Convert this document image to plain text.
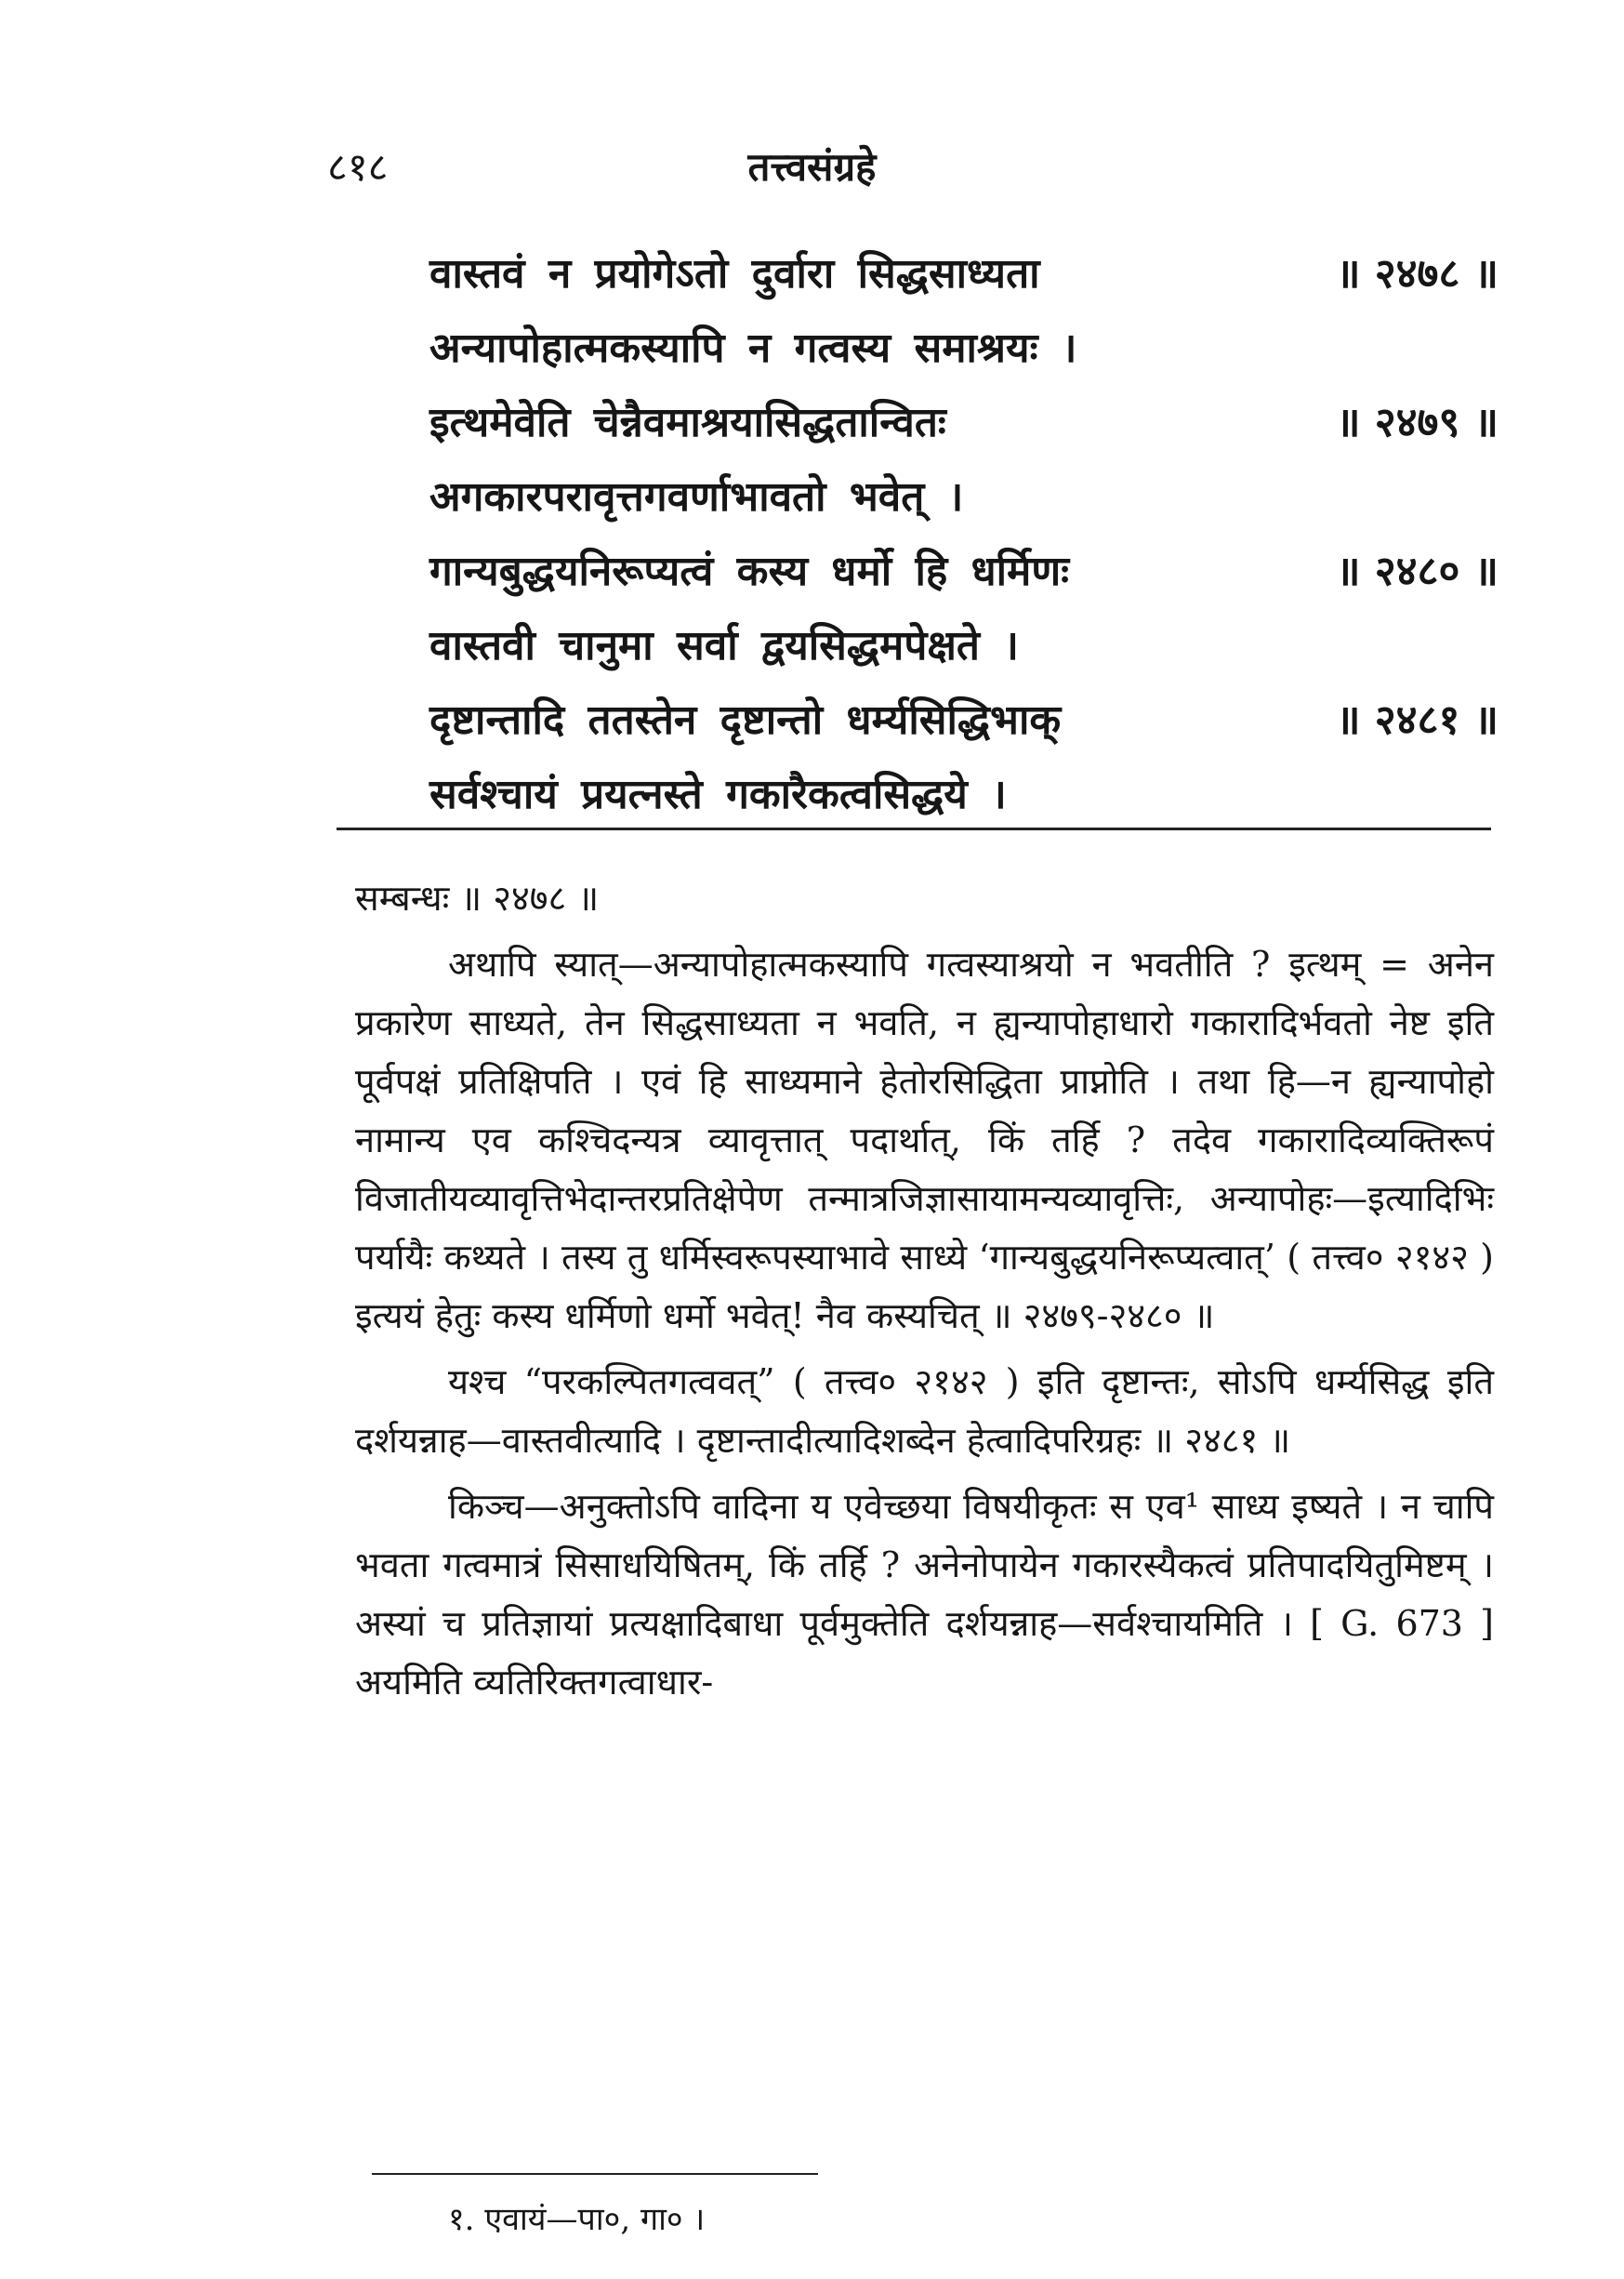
८१८	तत्त्वसंग्रहे
वास्तवं न प्रयोगेऽतो दुर्वारा सिद्धसाध्यता	॥ २४७८ ॥
अन्यापोहात्मकस्यापि न गत्वस्य समाश्रयः ।
इत्थमेवेति चेन्नैवमाश्रयासिद्धतान्वितः	॥ २४७९ ॥
अगकारपरावृत्तगवर्णाभावतो भवेत् ।
गान्यबुद्धयनिरूप्यत्वं कस्य धर्मो हि धर्मिणः	॥ २४८० ॥
वास्तवी चानुमा सर्वा द्वयसिद्धमपेक्षते ।
दृष्टान्तादि ततस्तेन दृष्टान्तो धर्म्यसिद्धिभाक्	॥ २४८१ ॥
सर्वश्चायं प्रयत्नस्ते गकारैकत्वसिद्धये ।

सम्बन्धः ॥ २४७८ ॥

अथापि स्यात्—अन्यापोहात्मकस्यापि गत्वस्याश्रयो न भवतीति ? इत्थम् = अनेन प्रकारेण साध्यते, तेन सिद्धसाध्यता न भवति, न ह्यन्यापोहाधारो गकारादिर्भवतो नेष्ट इति पूर्वपक्षं प्रतिक्षिपति । एवं हि साध्यमाने हेतोरसिद्धिता प्राप्नोति । तथा हि—न ह्यन्यापोहो नामान्य एव कश्चिदन्यत्र व्यावृत्तात् पदार्थात्, किं तर्हि ? तदेव गकारादिव्यक्तिरूपं विजातीयव्यावृत्तिभेदान्तरप्रतिक्षेपेण तन्मात्रजिज्ञासायामन्यव्यावृत्तिः, अन्यापोहः—इत्यादिभिः पर्यायैः कथ्यते । तस्य तु धर्मिस्वरूपस्याभावे साध्ये ‘गान्यबुद्धयनिरूप्यत्वात्’ ( तत्त्व० २१४२ ) इत्ययं हेतुः कस्य धर्मिणो धर्मो भवेत्! नैव कस्यचित् ॥ २४७९-२४८० ॥

यश्च “परकल्पितगत्ववत्” ( तत्त्व० २१४२ ) इति दृष्टान्तः, सोऽपि धर्म्यसिद्ध इति दर्शयन्नाह—वास्तवीत्यादि । दृष्टान्तादीत्यादिशब्देन हेत्वादिपरिग्रहः ॥ २४८१ ॥

किञ्च—अनुक्तोऽपि वादिना य एवेच्छया विषयीकृतः स एव¹ साध्य इष्यते । न चापि भवता गत्वमात्रं सिसाधयिषितम्, किं तर्हि ? अनेनोपायेन गकारस्यैकत्वं प्रतिपादयितुमिष्टम् । अस्यां च प्रतिज्ञायां प्रत्यक्षादिबाधा पूर्वमुक्तेति दर्शयन्नाह—सर्वश्चायमिति । [ G. 673 ] अयमिति व्यतिरिक्तगत्वाधार-

१. एवायं—पा०, गा० ।
